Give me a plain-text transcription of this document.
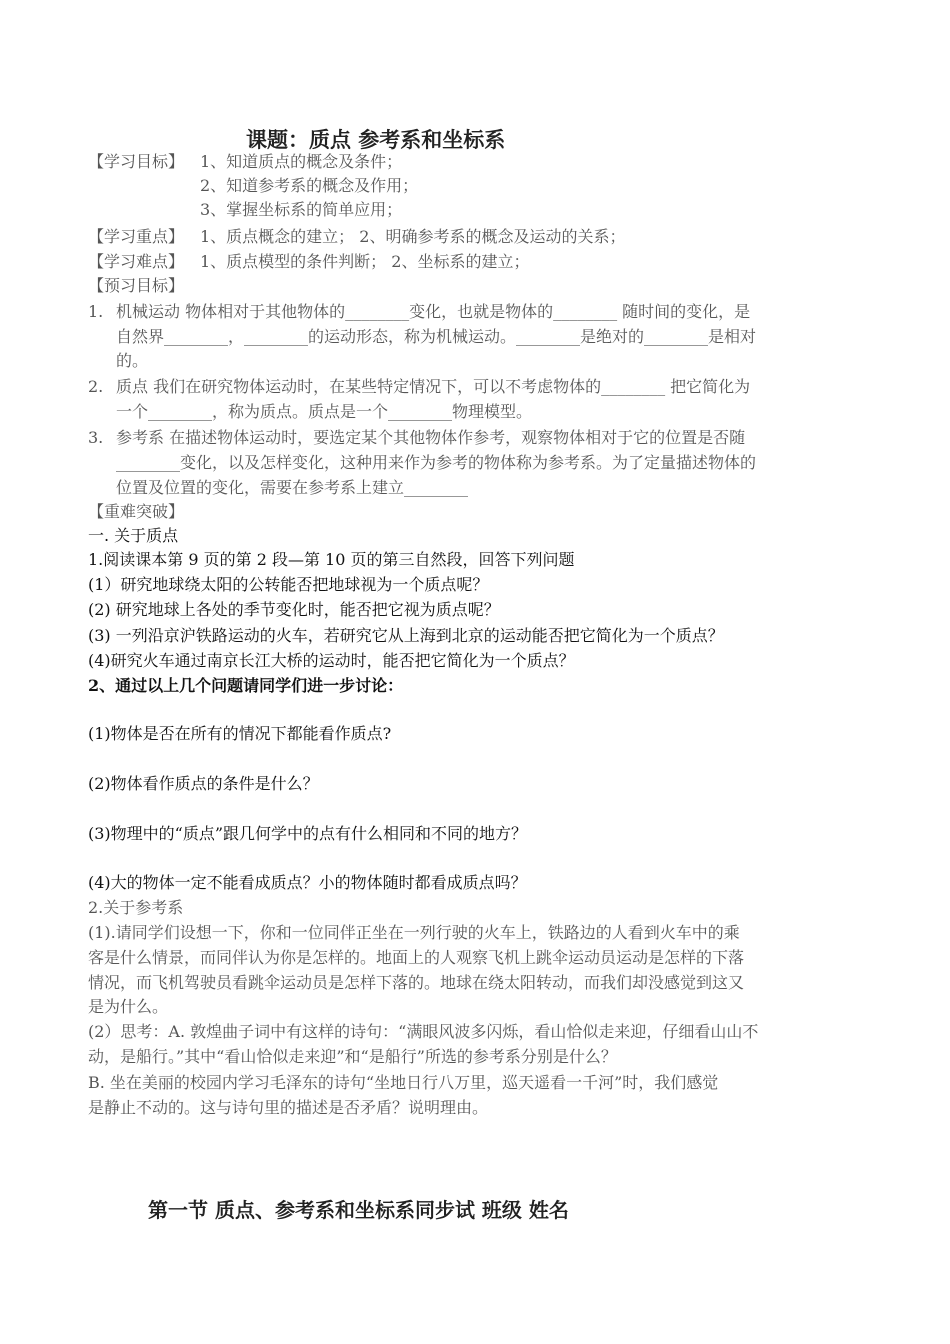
课题：质点 参考系和坐标系
【学习目标】 1、知道质点的概念及条件；
2、知道参考系的概念及作用；
3、掌握坐标系的简单应用；
【学习重点】 1、质点概念的建立； 2、明确参考系的概念及运动的关系；
【学习难点】 1、质点模型的条件判断； 2、坐标系的建立；
【预习目标】
1. 机械运动 物体相对于其他物体的________变化，也就是物体的________ 随时间的变化，是
自然界________，________的运动形态，称为机械运动。________是绝对的________是相对
的。
2. 质点 我们在研究物体运动时，在某些特定情况下，可以不考虑物体的________ 把它简化为
一个________，称为质点。质点是一个________物理模型。
3. 参考系 在描述物体运动时，要选定某个其他物体作参考，观察物体相对于它的位置是否随
________变化，以及怎样变化，这种用来作为参考的物体称为参考系。为了定量描述物体的
位置及位置的变化，需要在参考系上建立________
【重难突破】
一. 关于质点
1.阅读课本第 9 页的第 2 段—第 10 页的第三自然段，回答下列问题
(1）研究地球绕太阳的公转能否把地球视为一个质点呢？
(2) 研究地球上各处的季节变化时，能否把它视为质点呢？
(3) 一列沿京沪铁路运动的火车，若研究它从上海到北京的运动能否把它简化为一个质点？
(4)研究火车通过南京长江大桥的运动时，能否把它简化为一个质点？
2、通过以上几个问题请同学们进一步讨论：
(1)物体是否在所有的情况下都能看作质点?
(2)物体看作质点的条件是什么？
(3)物理中的“质点”跟几何学中的点有什么相同和不同的地方？
(4)大的物体一定不能看成质点？小的物体随时都看成质点吗？
2.关于参考系
(1).请同学们设想一下，你和一位同伴正坐在一列行驶的火车上，铁路边的人看到火车中的乘
客是什么情景，而同伴认为你是怎样的。地面上的人观察飞机上跳伞运动员运动是怎样的下落
情况，而飞机驾驶员看跳伞运动员是怎样下落的。地球在绕太阳转动，而我们却没感觉到这又
是为什么。
(2）思考：A. 敦煌曲子词中有这样的诗句：“满眼风波多闪烁，看山恰似走来迎，仔细看山山不
动，是船行。”其中“看山恰似走来迎”和“是船行”所选的参考系分别是什么？
B. 坐在美丽的校园内学习毛泽东的诗句“坐地日行八万里，巡天遥看一千河”时，我们感觉
是静止不动的。这与诗句里的描述是否矛盾？说明理由。
第一节 质点、参考系和坐标系同步试 班级 姓名
